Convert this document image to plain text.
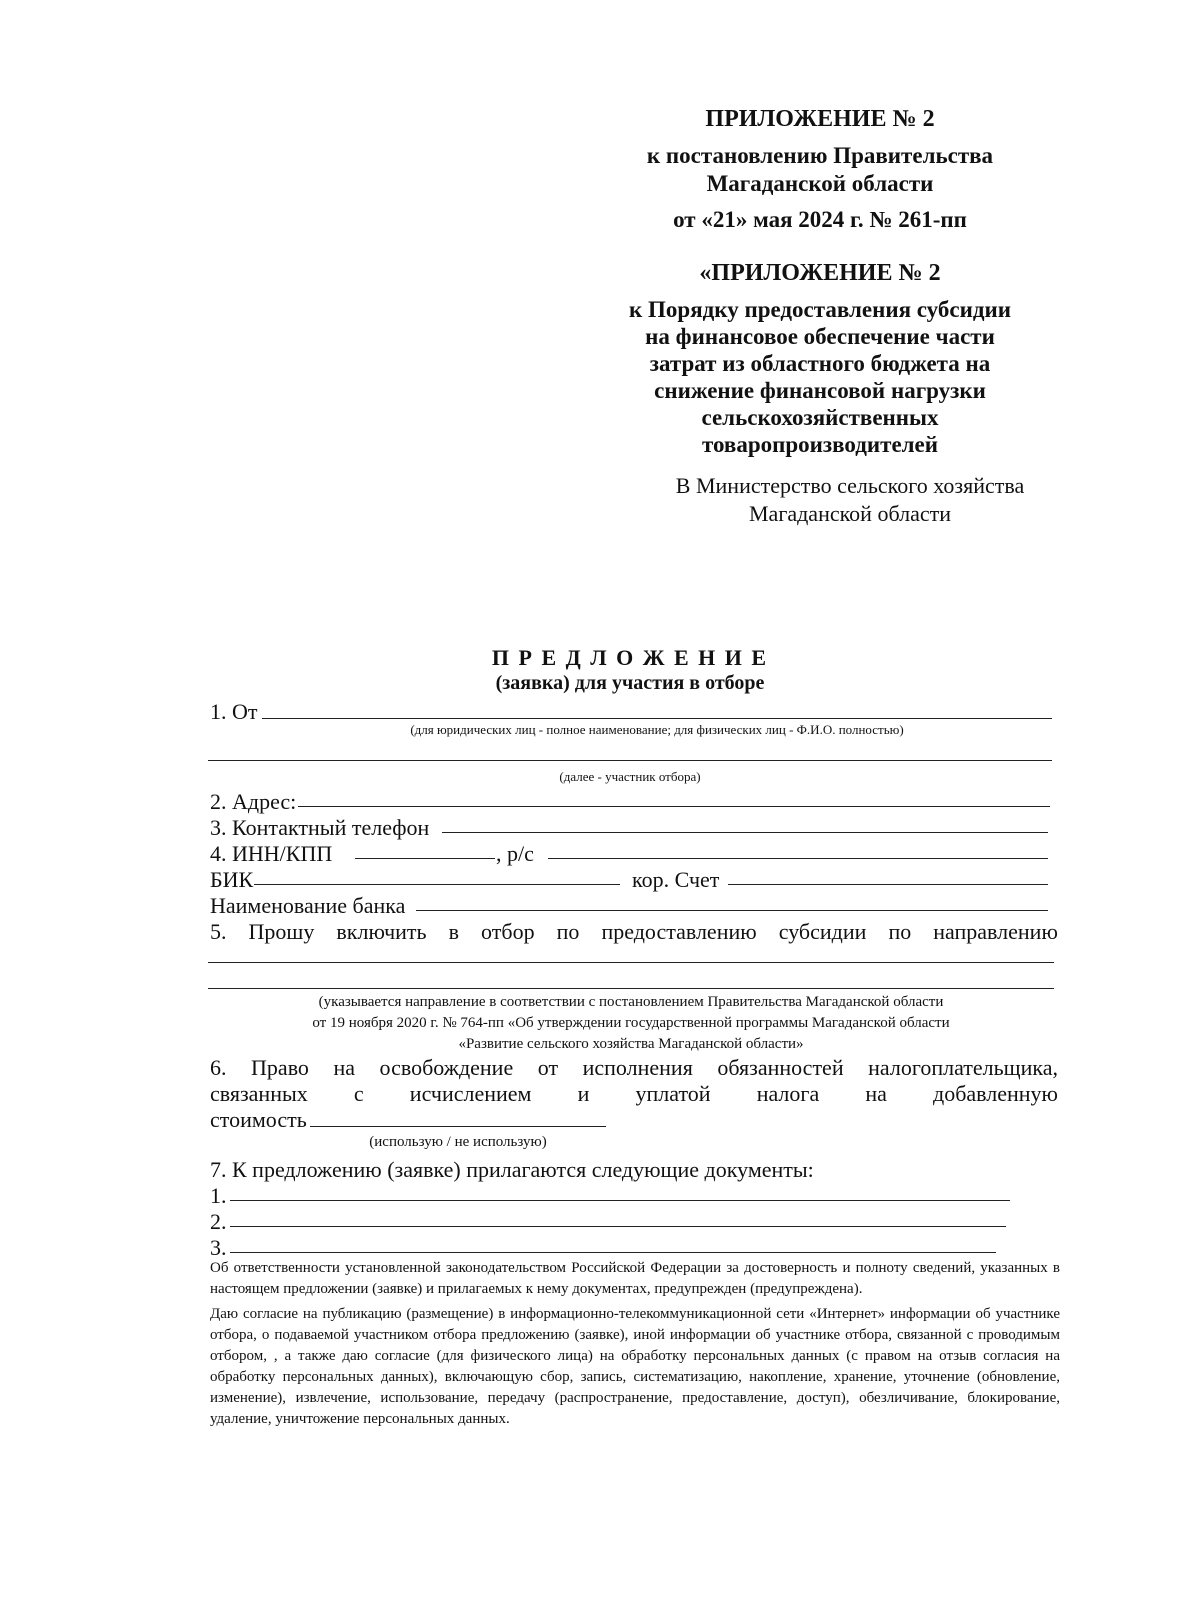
ПРИЛОЖЕНИЕ № 2
к постановлению Правительства
Магаданской области
от «21» мая 2024 г. № 261-пп
«ПРИЛОЖЕНИЕ № 2
к Порядку предоставления субсидии
на финансовое обеспечение части
затрат из областного бюджета на
снижение финансовой нагрузки
сельскохозяйственных
товаропроизводителей
В Министерство сельского хозяйства
Магаданской области
П Р Е Д Л О Ж Е Н И Е
(заявка) для участия в отборе
1. От
(для юридических лиц - полное наименование; для физических лиц - Ф.И.О. полностью)
(далее - участник отбора)
2. Адрес:
3. Контактный телефон
4. ИНН/КПП	, р/с
БИК	кор. Счет
Наименование банка
5. Прошу включить в отбор по предоставлению субсидии по направлению
(указывается направление в соответствии с постановлением Правительства Магаданской области
от 19 ноября 2020 г. № 764-пп «Об утверждении государственной программы Магаданской области
«Развитие сельского хозяйства Магаданской области»
6. Право на освобождение от исполнения обязанностей налогоплательщика,
связанных с исчислением и уплатой налога на добавленную
стоимость
(использую / не использую)
7. К предложению (заявке) прилагаются следующие документы:
1.
2.
3.

Об ответственности установленной законодательством Российской Федерации за достоверность и полноту сведений, указанных в настоящем предложении (заявке) и прилагаемых к нему документах, предупрежден (предупреждена).

Даю согласие на публикацию (размещение) в информационно-телекоммуникационной сети «Интернет» информации об участнике отбора, о подаваемой участником отбора предложению (заявке), иной информации об участнике отбора, связанной с проводимым отбором, , а также даю согласие (для физического лица) на обработку персональных данных (с правом на отзыв согласия на обработку персональных данных), включающую сбор, запись, систематизацию, накопление, хранение, уточнение (обновление, изменение), извлечение, использование, передачу (распространение, предоставление, доступ), обезличивание, блокирование, удаление, уничтожение персональных данных.
